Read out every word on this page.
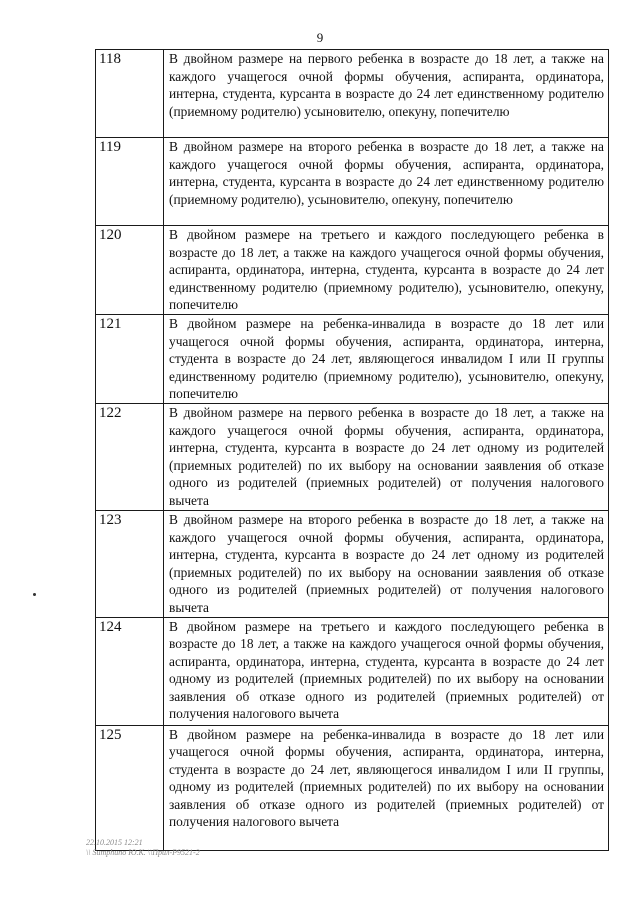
9
118	В двойном размере на первого ребенка в возрасте до 18 лет, а также на каждого учащегося очной формы обучения, аспиранта, ординатора, интерна, студента, курсанта в возрасте до 24 лет единственному родителю (приемному родителю) усыновителю, опекуну, попечителю
119	В двойном размере на второго ребенка в возрасте до 18 лет, а также на каждого учащегося очной формы обучения, аспиранта, ординатора, интерна, студента, курсанта в возрасте до 24 лет единственному родителю (приемному родителю), усыновителю, опекуну, попечителю
120	В двойном размере на третьего и каждого последующего ребенка в возрасте до 18 лет, а также на каждого учащегося очной формы обучения, аспиранта, ординатора, интерна, студента, курсанта в возрасте до 24 лет единственному родителю (приемному родителю), усыновителю, опекуну, попечителю
121	В двойном размере на ребенка-инвалида в возрасте до 18 лет или учащегося очной формы обучения, аспиранта, ординатора, интерна, студента в возрасте до 24 лет, являющегося инвалидом I или II группы единственному родителю (приемному родителю), усыновителю, опекуну, попечителю
122	В двойном размере на первого ребенка в возрасте до 18 лет, а также на каждого учащегося очной формы обучения, аспиранта, ординатора, интерна, студента, курсанта в возрасте до 24 лет одному из родителей (приемных родителей) по их выбору на основании заявления об отказе одного из родителей (приемных родителей) от получения налогового вычета
123	В двойном размере на второго ребенка в возрасте до 18 лет, а также на каждого учащегося очной формы обучения, аспиранта, ординатора, интерна, студента, курсанта в возрасте до 24 лет одному из родителей (приемных родителей) по их выбору на основании заявления об отказе одного из родителей (приемных родителей) от получения налогового вычета
124	В двойном размере на третьего и каждого последующего ребенка в возрасте до 18 лет, а также на каждого учащегося очной формы обучения, аспиранта, ординатора, интерна, студента, курсанта в возрасте до 24 лет одному из родителей (приемных родителей) по их выбору на основании заявления об отказе одного из родителей (приемных родителей) от получения налогового вычета
125	В двойном размере на ребенка-инвалида в возрасте до 18 лет или учащегося очной формы обучения, аспиранта, ординатора, интерна, студента в возрасте до 24 лет, являющегося инвалидом I или II группы, одному из родителей (приемных родителей) по их выбору на основании заявления об отказе одного из родителей (приемных родителей) от получения налогового вычета
22.10.2015 12:21
\\ Sumphuno Ю.К. \\Прил-Р9521-2
